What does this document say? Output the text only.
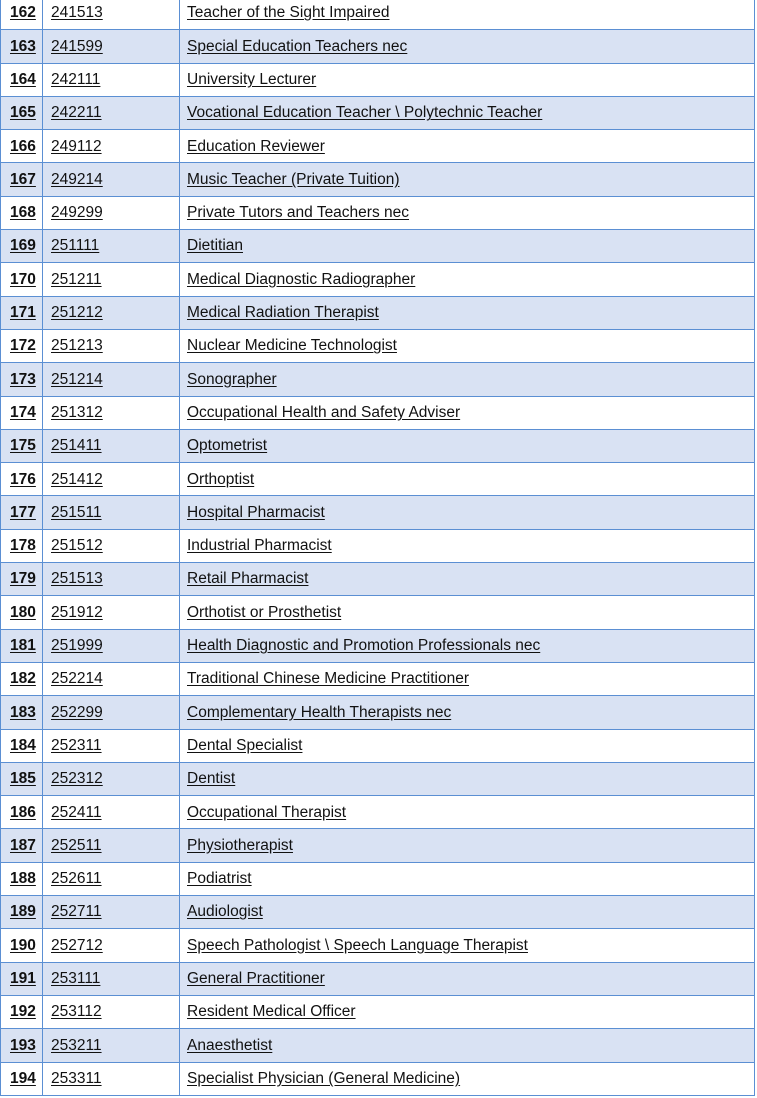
162	241513	Teacher of the Sight Impaired
163	241599	Special Education Teachers nec
164	242111	University Lecturer
165	242211	Vocational Education Teacher \ Polytechnic Teacher
166	249112	Education Reviewer
167	249214	Music Teacher (Private Tuition)
168	249299	Private Tutors and Teachers nec
169	251111	Dietitian
170	251211	Medical Diagnostic Radiographer
171	251212	Medical Radiation Therapist
172	251213	Nuclear Medicine Technologist
173	251214	Sonographer
174	251312	Occupational Health and Safety Adviser
175	251411	Optometrist
176	251412	Orthoptist
177	251511	Hospital Pharmacist
178	251512	Industrial Pharmacist
179	251513	Retail Pharmacist
180	251912	Orthotist or Prosthetist
181	251999	Health Diagnostic and Promotion Professionals nec
182	252214	Traditional Chinese Medicine Practitioner
183	252299	Complementary Health Therapists nec
184	252311	Dental Specialist
185	252312	Dentist
186	252411	Occupational Therapist
187	252511	Physiotherapist
188	252611	Podiatrist
189	252711	Audiologist
190	252712	Speech Pathologist \ Speech Language Therapist
191	253111	General Practitioner
192	253112	Resident Medical Officer
193	253211	Anaesthetist
194	253311	Specialist Physician (General Medicine)
